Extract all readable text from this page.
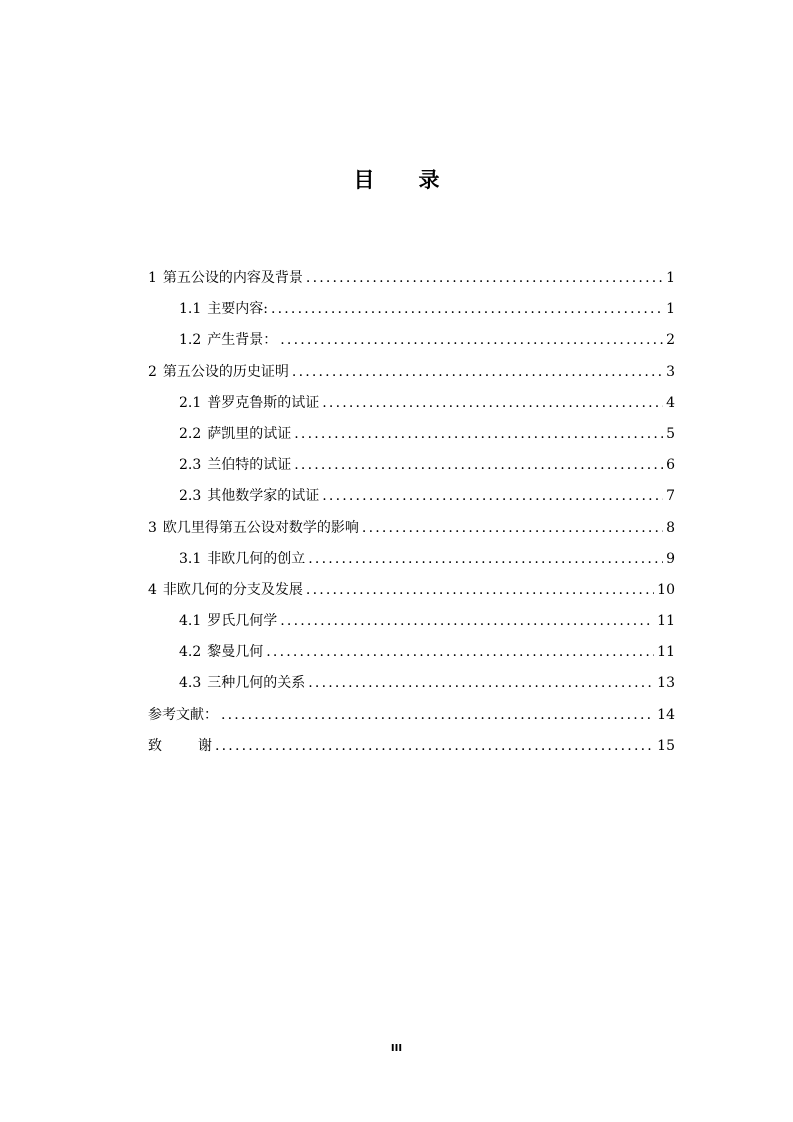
目 录
1 第五公设的内容及背景 .....	1
1.1 主要内容: .....	1
1.2 产生背景： .....	2
2 第五公设的历史证明 .....	3
2.1 普罗克鲁斯的试证 .....	4
2.2 萨凯里的试证 .....	5
2.3 兰伯特的试证 .....	6
2.3 其他数学家的试证 .....	7
3 欧几里得第五公设对数学的影响 .....	8
3.1 非欧几何的创立 .....	9
4 非欧几何的分支及发展 .....	10
4.1 罗氏几何学 .....	11
4.2 黎曼几何 .....	11
4.3 三种几何的关系 .....	13
参考文献： .....	14
致	谢 .....	15
III
